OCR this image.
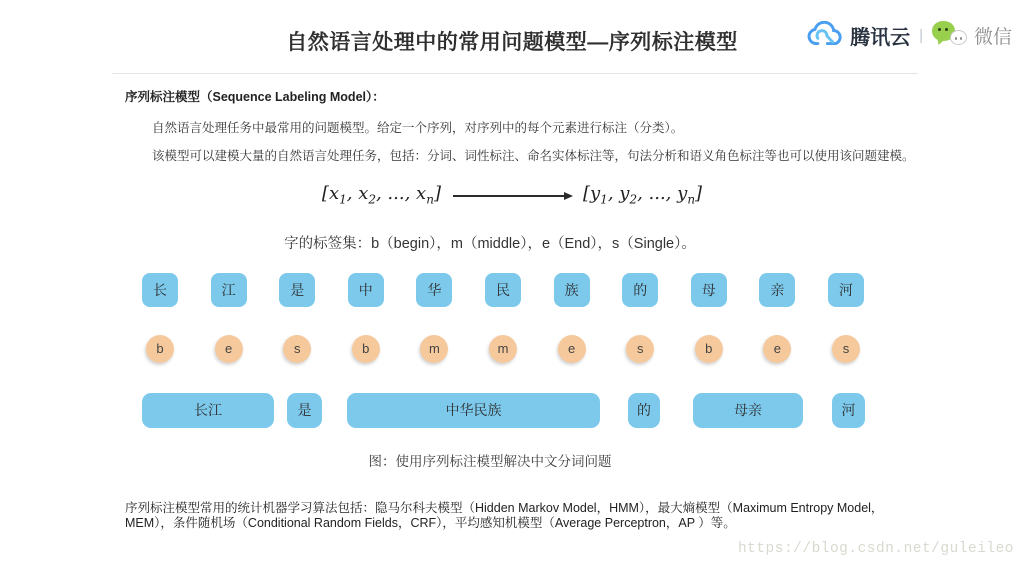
自然语言处理中的常用问题模型—序列标注模型	腾讯云 |	微信

序列标注模型（Sequence Labeling Model）：

自然语言处理任务中最常用的问题模型。给定一个序列，对序列中的每个元素进行标注（分类）。

该模型可以建模大量的自然语言处理任务，包括：分词、词性标注、命名实体标注等，句法分析和语义角色标注等也可以使用该问题建模。

[$x_1$, $x_2$, ..., $x_n$]	[$y_1$, $y_2$, ..., $y_n$]

字的标签集：b（begin），m（middle），e（End），s（Single）。

长	江	是	中	华	民	族	的	母	亲	河
b	e	s	b	m	m	e	s	b	e	s
长江	是	中华民族	的	母亲	河

图：使用序列标注模型解决中文分词问题

序列标注模型常用的统计机器学习算法包括：隐马尔科夫模型（Hidden Markov Model，HMM），最大熵模型（Maximum Entropy Model，MEM），条件随机场（Conditional Random Fields，CRF），平均感知机模型（Average Perceptron，AP ）等。

https://blog.csdn.net/guleileo
